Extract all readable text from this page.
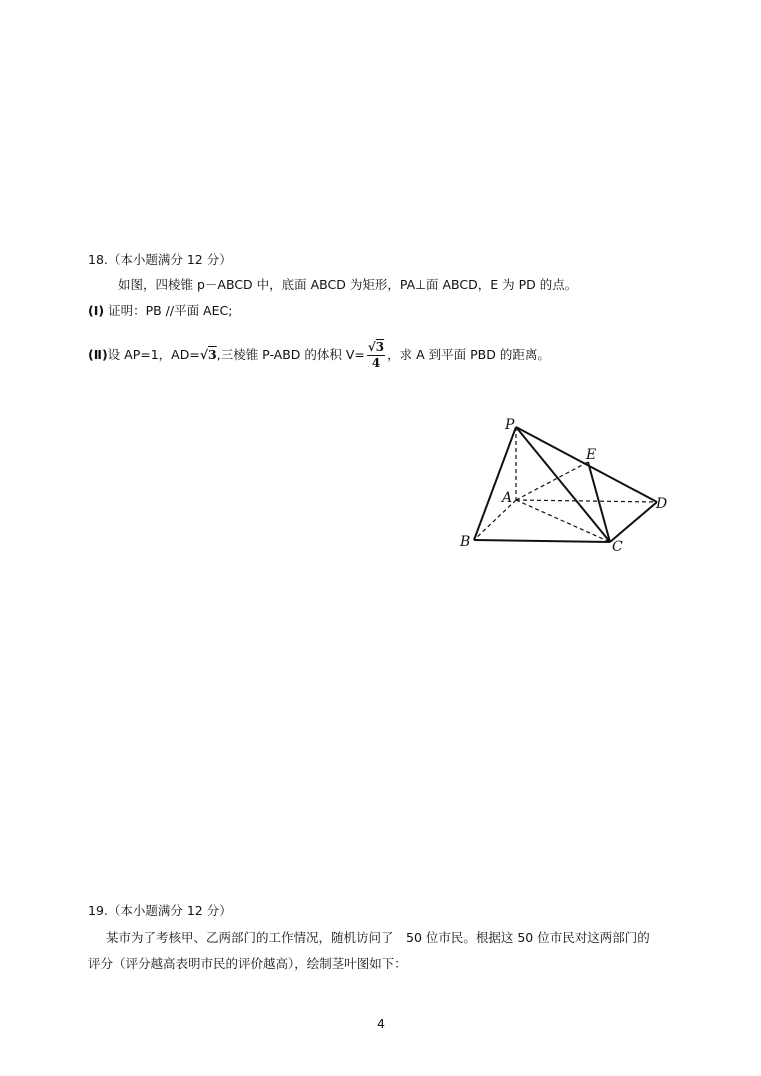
18.（本小题满分 12 分）
如图，四棱锥 p－ABCD 中，底面 ABCD 为矩形，PA⊥面 ABCD，E 为 PD 的点。
(Ⅰ) 证明：PB //平面 AEC;
(Ⅱ)设 AP=1，AD=√3,三棱锥 P-ABD 的体积 $V= \frac{√3}{4}$ ，求 A 到平面 PBD 的距离。
P
E
A	D
B	C
19.（本小题满分 12 分）
某市为了考核甲、乙两部门的工作情况，随机访问了　50 位市民。根据这 50 位市民对这两部门的
评分（评分越高表明市民的评价越高），绘制茎叶图如下：
4
